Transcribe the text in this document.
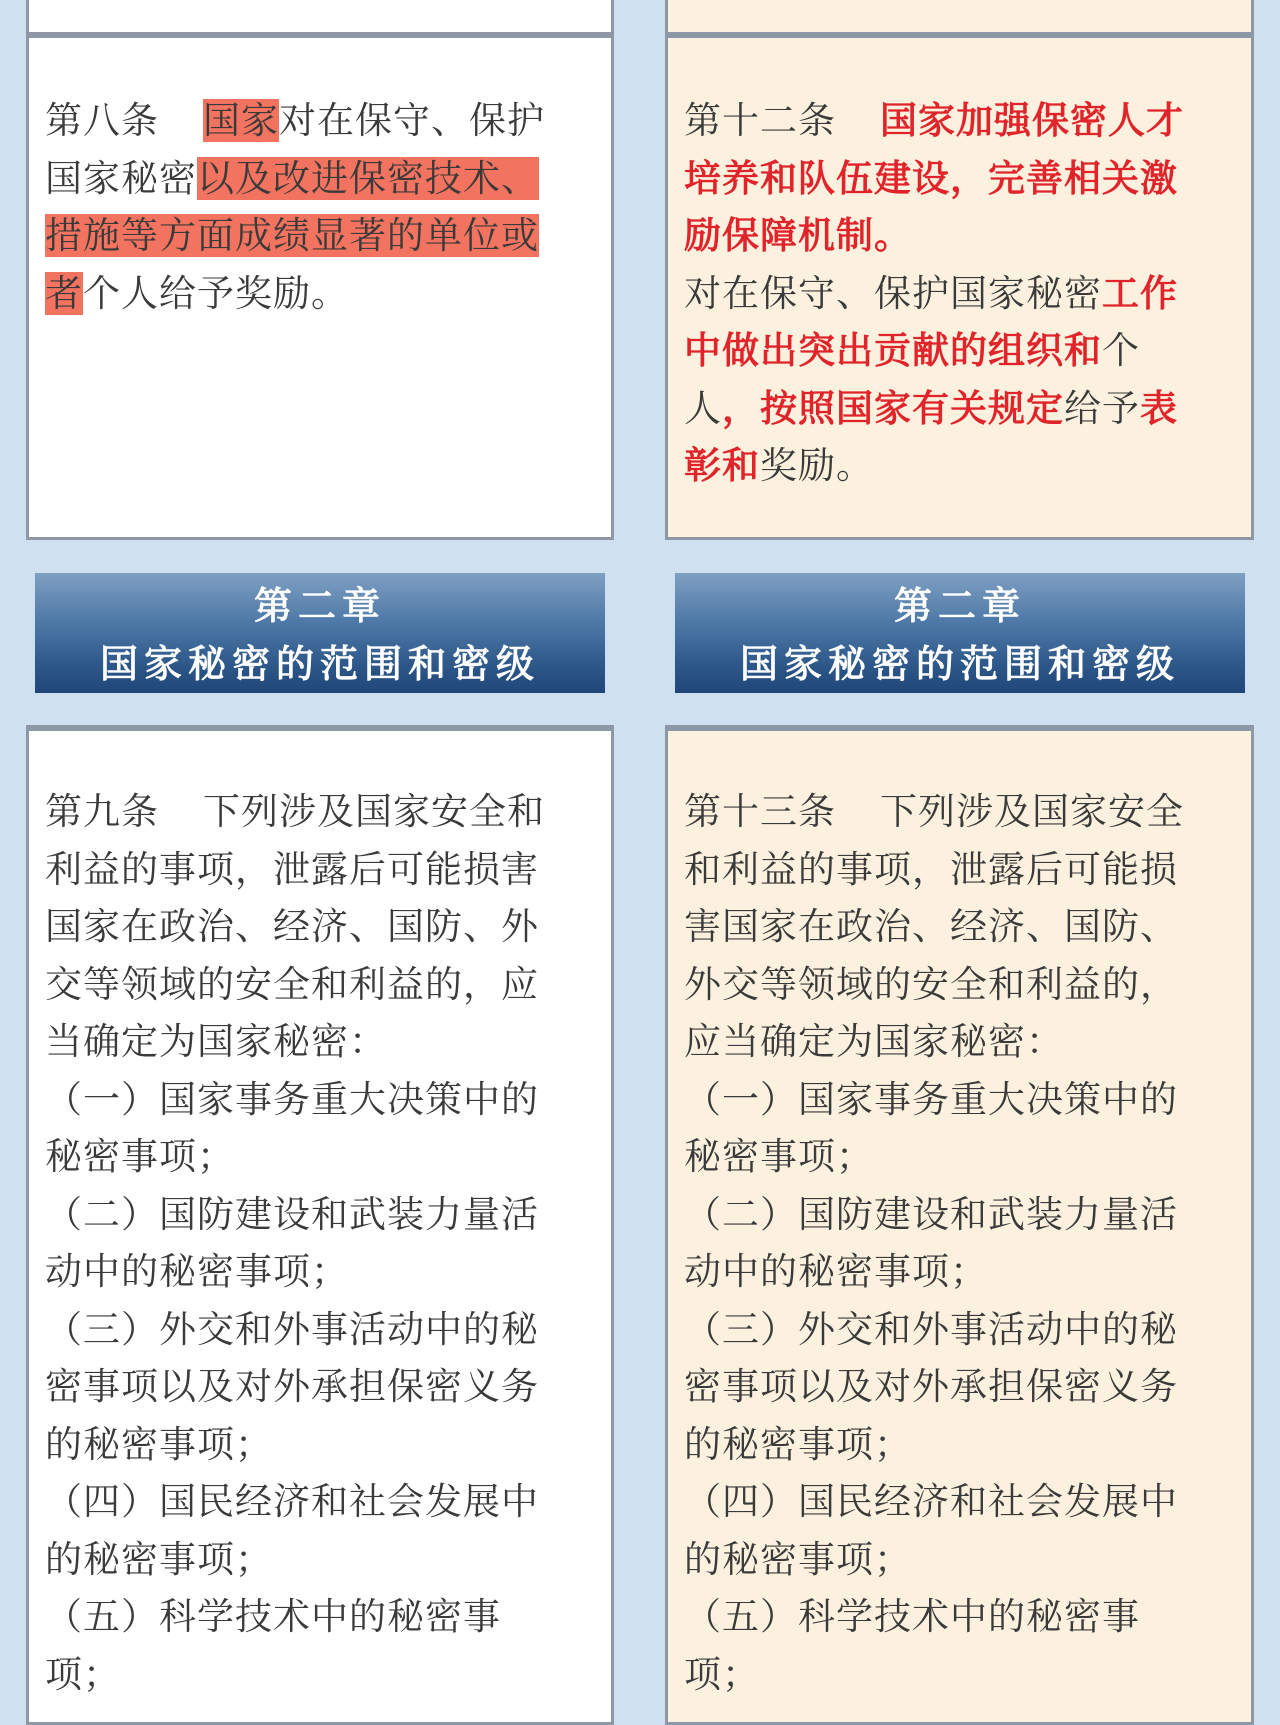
第八条 国家对在保守、保护国家秘密以及改进保密技术、措施等方面成绩显著的单位或者个人给予奖励。

第十二条 国家加强保密人才培养和队伍建设，完善相关激励保障机制。
对在保守、保护国家秘密工作中做出突出贡献的组织和个人，按照国家有关规定给予表彰和奖励。

第二章
国家秘密的范围和密级
第二章
国家秘密的范围和密级
第九条 下列涉及国家安全和利益的事项，泄露后可能损害国家在政治、经济、国防、外交等领域的安全和利益的，应当确定为国家秘密：
（一）国家事务重大决策中的秘密事项；
（二）国防建设和武装力量活动中的秘密事项；
（三）外交和外事活动中的秘密事项以及对外承担保密义务的秘密事项；
（四）国民经济和社会发展中的秘密事项；
（五）科学技术中的秘密事项；
第十三条 下列涉及国家安全和利益的事项，泄露后可能损害国家在政治、经济、国防、外交等领域的安全和利益的，应当确定为国家秘密：
（一）国家事务重大决策中的秘密事项；
（二）国防建设和武装力量活动中的秘密事项；
（三）外交和外事活动中的秘密事项以及对外承担保密义务的秘密事项；
（四）国民经济和社会发展中的秘密事项；
（五）科学技术中的秘密事项；
